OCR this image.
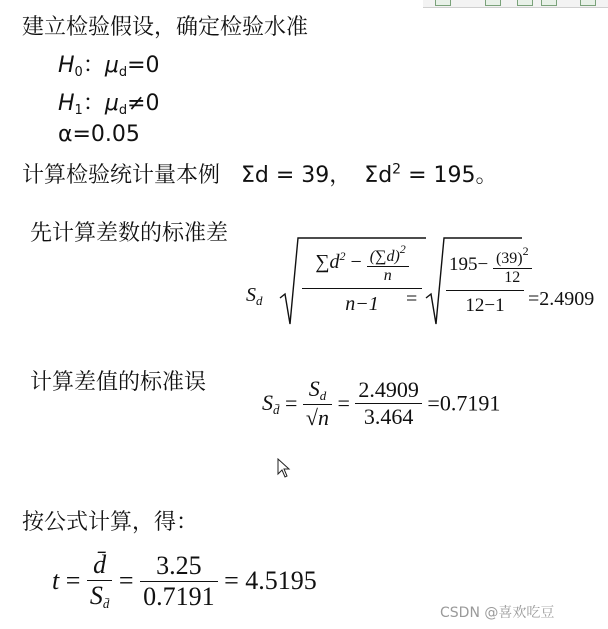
建立检验假设，确定检验水准
$H_0$：$\mu_d=0$
$H_1$：$\mu_d\ne 0$
α=0.05
计算检验统计量本例 Σd = 39， $\Sigma d^2 = 195$。
先计算差数的标准差
$S_d \frac{\sum d^2 - \frac{(\sum d)^2}{n}}{n-1}$
= $\frac{195- \frac{(39)^2}{12}}{12-1} =2.4909$
计算差值的标准误
$S_{d̄} = \frac{S_d}{√n} = \frac{2.4909}{3.464} =0.7191$
按公式计算，得：
$t = \frac{d̄}{S_{d̄}} = \frac{3.25}{0.7191} = 4.5195$
CSDN @喜欢吃豆
